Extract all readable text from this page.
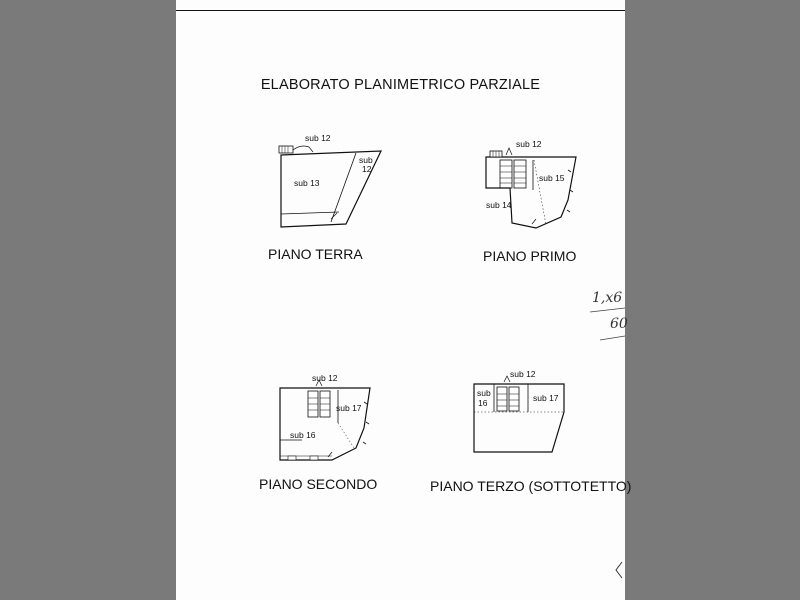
ELABORATO PLANIMETRICO PARZIALE
sub 12
sub
12
sub 13
PIANO TERRA
sub 12
sub 15
sub 14
PIANO PRIMO
sub 12
sub 17
sub 16
PIANO SECONDO
sub 12
sub
16	sub 17
PIANO TERZO (SOTTOTETTO)
1,x6
60
